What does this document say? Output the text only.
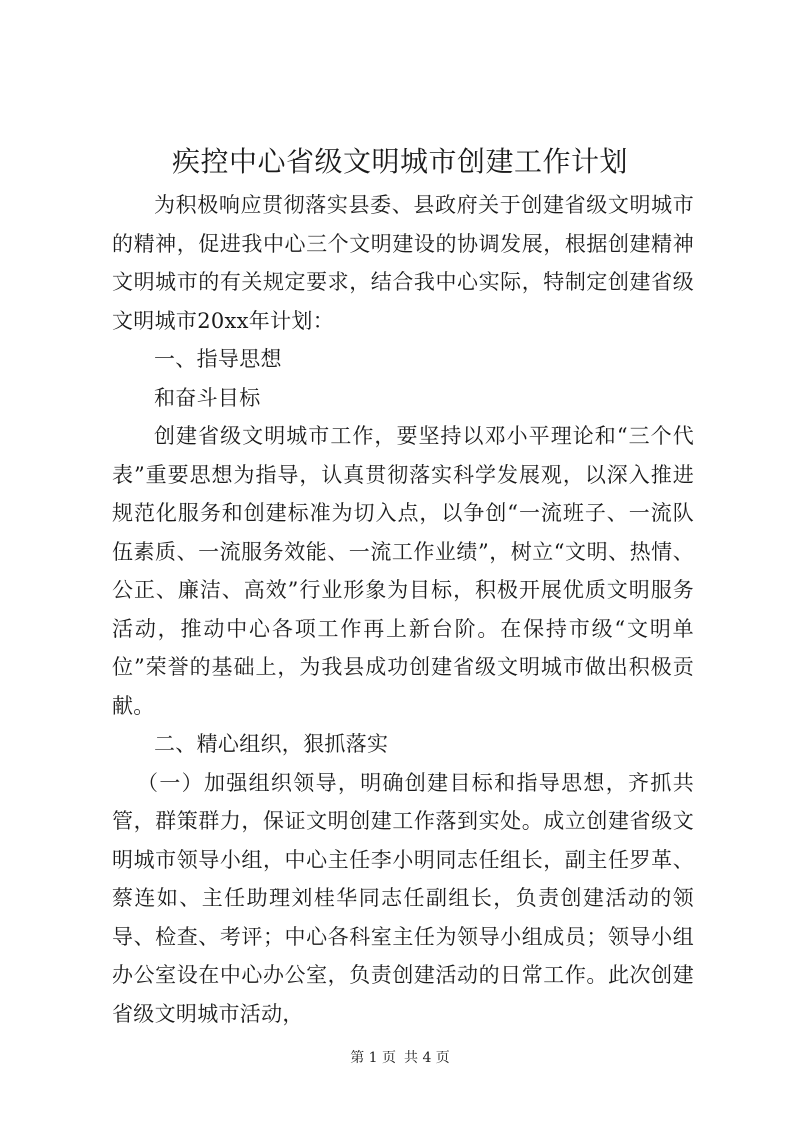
疾控中心省级文明城市创建工作计划

为积极响应贯彻落实县委、县政府关于创建省级文明城市的精神，促进我中心三个文明建设的协调发展，根据创建精神文明城市的有关规定要求，结合我中心实际，特制定创建省级文明城市20xx年计划：

一、指导思想

和奋斗目标

创建省级文明城市工作，要坚持以邓小平理论和“三个代表”重要思想为指导，认真贯彻落实科学发展观，以深入推进规范化服务和创建标准为切入点，以争创“一流班子、一流队伍素质、一流服务效能、一流工作业绩”，树立“文明、热情、公正、廉洁、高效”行业形象为目标，积极开展优质文明服务活动，推动中心各项工作再上新台阶。在保持市级“文明单位”荣誉的基础上，为我县成功创建省级文明城市做出积极贡献。

二、精心组织，狠抓落实

（一）加强组织领导，明确创建目标和指导思想，齐抓共管，群策群力，保证文明创建工作落到实处。成立创建省级文明城市领导小组，中心主任李小明同志任组长，副主任罗革、蔡连如、主任助理刘桂华同志任副组长，负责创建活动的领导、检查、考评；中心各科室主任为领导小组成员；领导小组办公室设在中心办公室，负责创建活动的日常工作。此次创建省级文明城市活动，

第 1 页 共 4 页
